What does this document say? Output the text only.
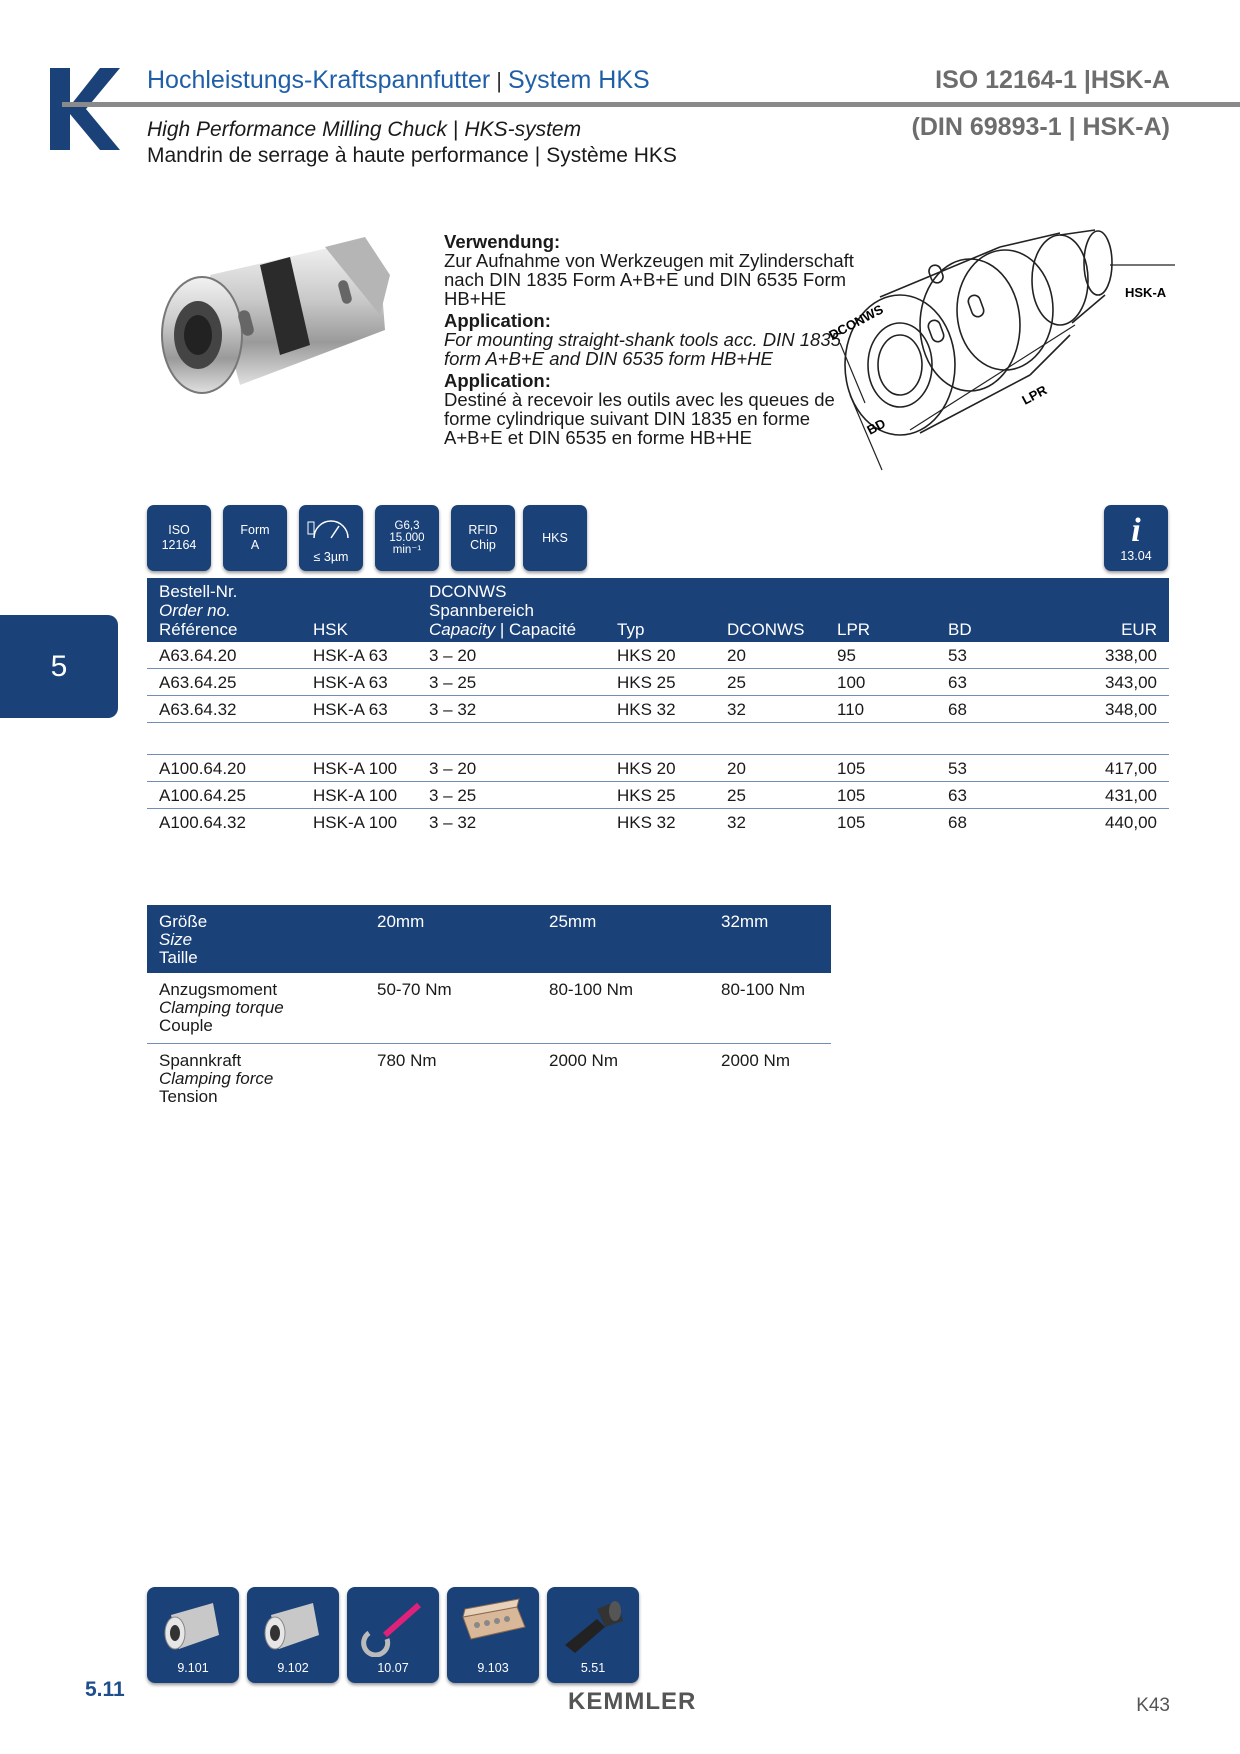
Hochleistungs-Kraftspannfutter | System HKS	ISO 12164-1 |HSK-A
(DIN 69893-1 | HSK-A)
High Performance Milling Chuck | HKS-system
Mandrin de serrage à haute performance | Système HKS
5

Verwendung:
Zur Aufnahme von Werkzeugen mit Zylinderschaft nach DIN 1835 Form A+B+E und DIN 6535 Form HB+HE

Application:
For mounting straight-shank tools acc. DIN 1835 form A+B+E and DIN 6535 form HB+HE

Application:
Destiné à recevoir les outils avec les queues de forme cylindrique suivant DIN 1835 en forme A+B+E et DIN 6535 en forme HB+HE

DCONWS
BD
LPR
HSK-A
ISO
12164
Form
A
≤ 3µm
G6,3
15.000
min⁻¹
RFID
Chip
HKS	i
13.04
Bestell-Nr.
Order no.
Référence	HSK	DCONWS
Spannbereich
Capacity | Capacité	Typ	DCONWS	LPR	BD	EUR
A63.64.20	HSK-A 63	3 – 20	HKS 20	20	95	53	338,00
A63.64.25	HSK-A 63	3 – 25	HKS 25	25	100	63	343,00
A63.64.32	HSK-A 63	3 – 32	HKS 32	32	110	68	348,00

A100.64.20	HSK-A 100	3 – 20	HKS 20	20	105	53	417,00
A100.64.25	HSK-A 100	3 – 25	HKS 25	25	105	63	431,00
A100.64.32	HSK-A 100	3 – 32	HKS 32	32	105	68	440,00
Größe
Size
Taille	20mm	25mm	32mm
Anzugsmoment
Clamping torque
Couple	50-70 Nm	80-100 Nm	80-100 Nm
Spannkraft
Clamping force
Tension	780 Nm	2000 Nm	2000 Nm
9.101	9.102	10.07	9.103	5.51
5.11	KEMMLER	K43
